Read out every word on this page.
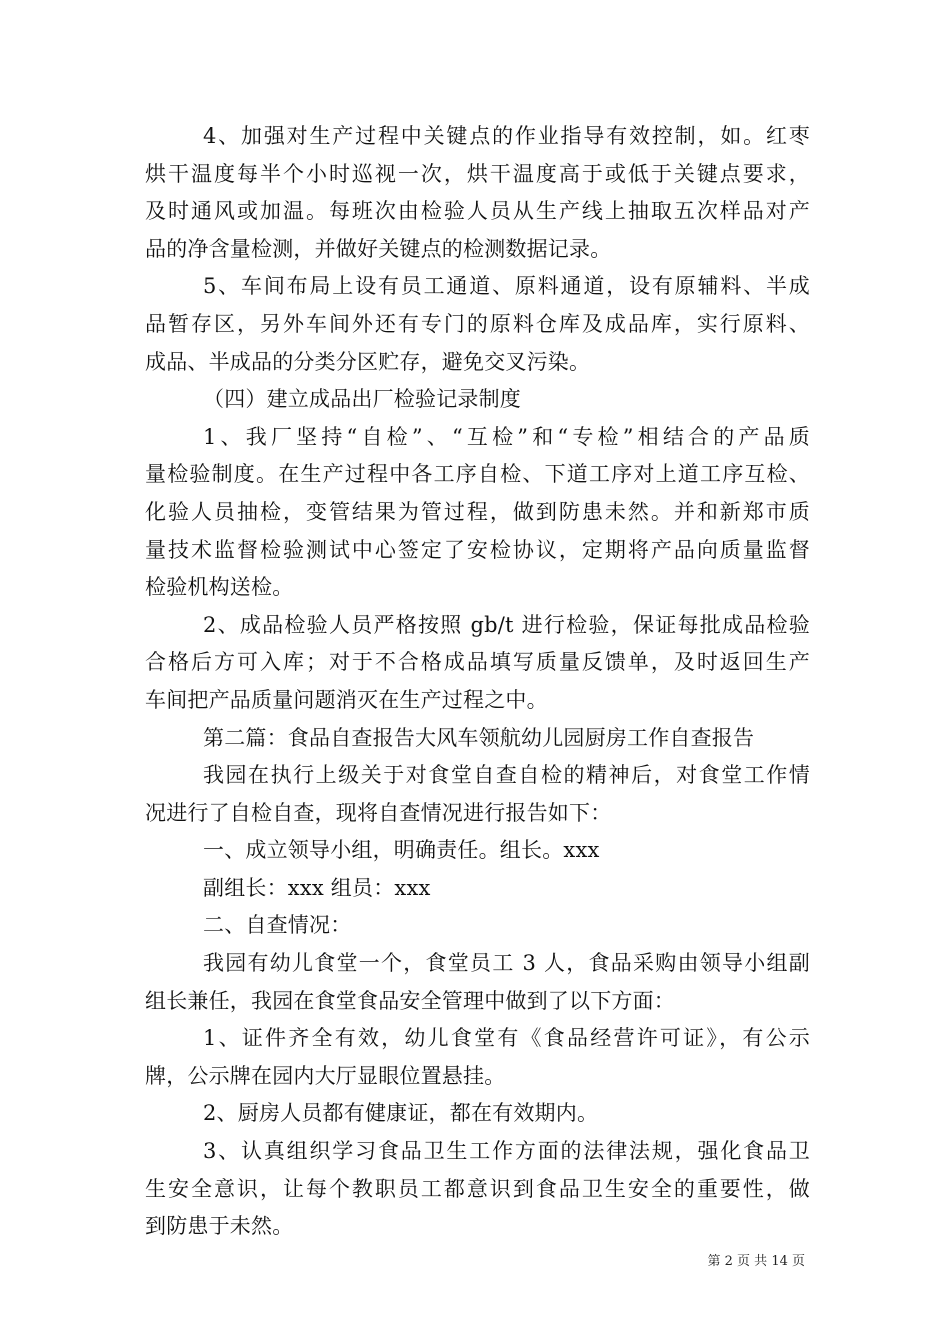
4、加强对生产过程中关键点的作业指导有效控制，如。红枣
烘干温度每半个小时巡视一次，烘干温度高于或低于关键点要求，
及时通风或加温。每班次由检验人员从生产线上抽取五次样品对产
品的净含量检测，并做好关键点的检测数据记录。
5、车间布局上设有员工通道、原料通道，设有原辅料、半成
品暂存区，另外车间外还有专门的原料仓库及成品库，实行原料、
成品、半成品的分类分区贮存，避免交叉污染。
（四）建立成品出厂检验记录制度
1、我厂坚持“自检”、“互检”和“专检”相结合的产品质
量检验制度。在生产过程中各工序自检、下道工序对上道工序互检、
化验人员抽检，变管结果为管过程，做到防患未然。并和新郑市质
量技术监督检验测试中心签定了安检协议，定期将产品向质量监督
检验机构送检。
2、成品检验人员严格按照 gb/t 进行检验，保证每批成品检验
合格后方可入库；对于不合格成品填写质量反馈单，及时返回生产
车间把产品质量问题消灭在生产过程之中。
第二篇：食品自查报告大风车领航幼儿园厨房工作自查报告
我园在执行上级关于对食堂自查自检的精神后，对食堂工作情
况进行了自检自查，现将自查情况进行报告如下：
一、成立领导小组，明确责任。组长。xxx
副组长：xxx 组员：xxx
二、自查情况：
我园有幼儿食堂一个，食堂员工 3 人，食品采购由领导小组副
组长兼任，我园在食堂食品安全管理中做到了以下方面：
1、证件齐全有效，幼儿食堂有《食品经营许可证》，有公示
牌，公示牌在园内大厅显眼位置悬挂。
2、厨房人员都有健康证，都在有效期内。
3、认真组织学习食品卫生工作方面的法律法规，强化食品卫
生安全意识，让每个教职员工都意识到食品卫生安全的重要性，做
到防患于未然。

第 2 页 共 14 页
